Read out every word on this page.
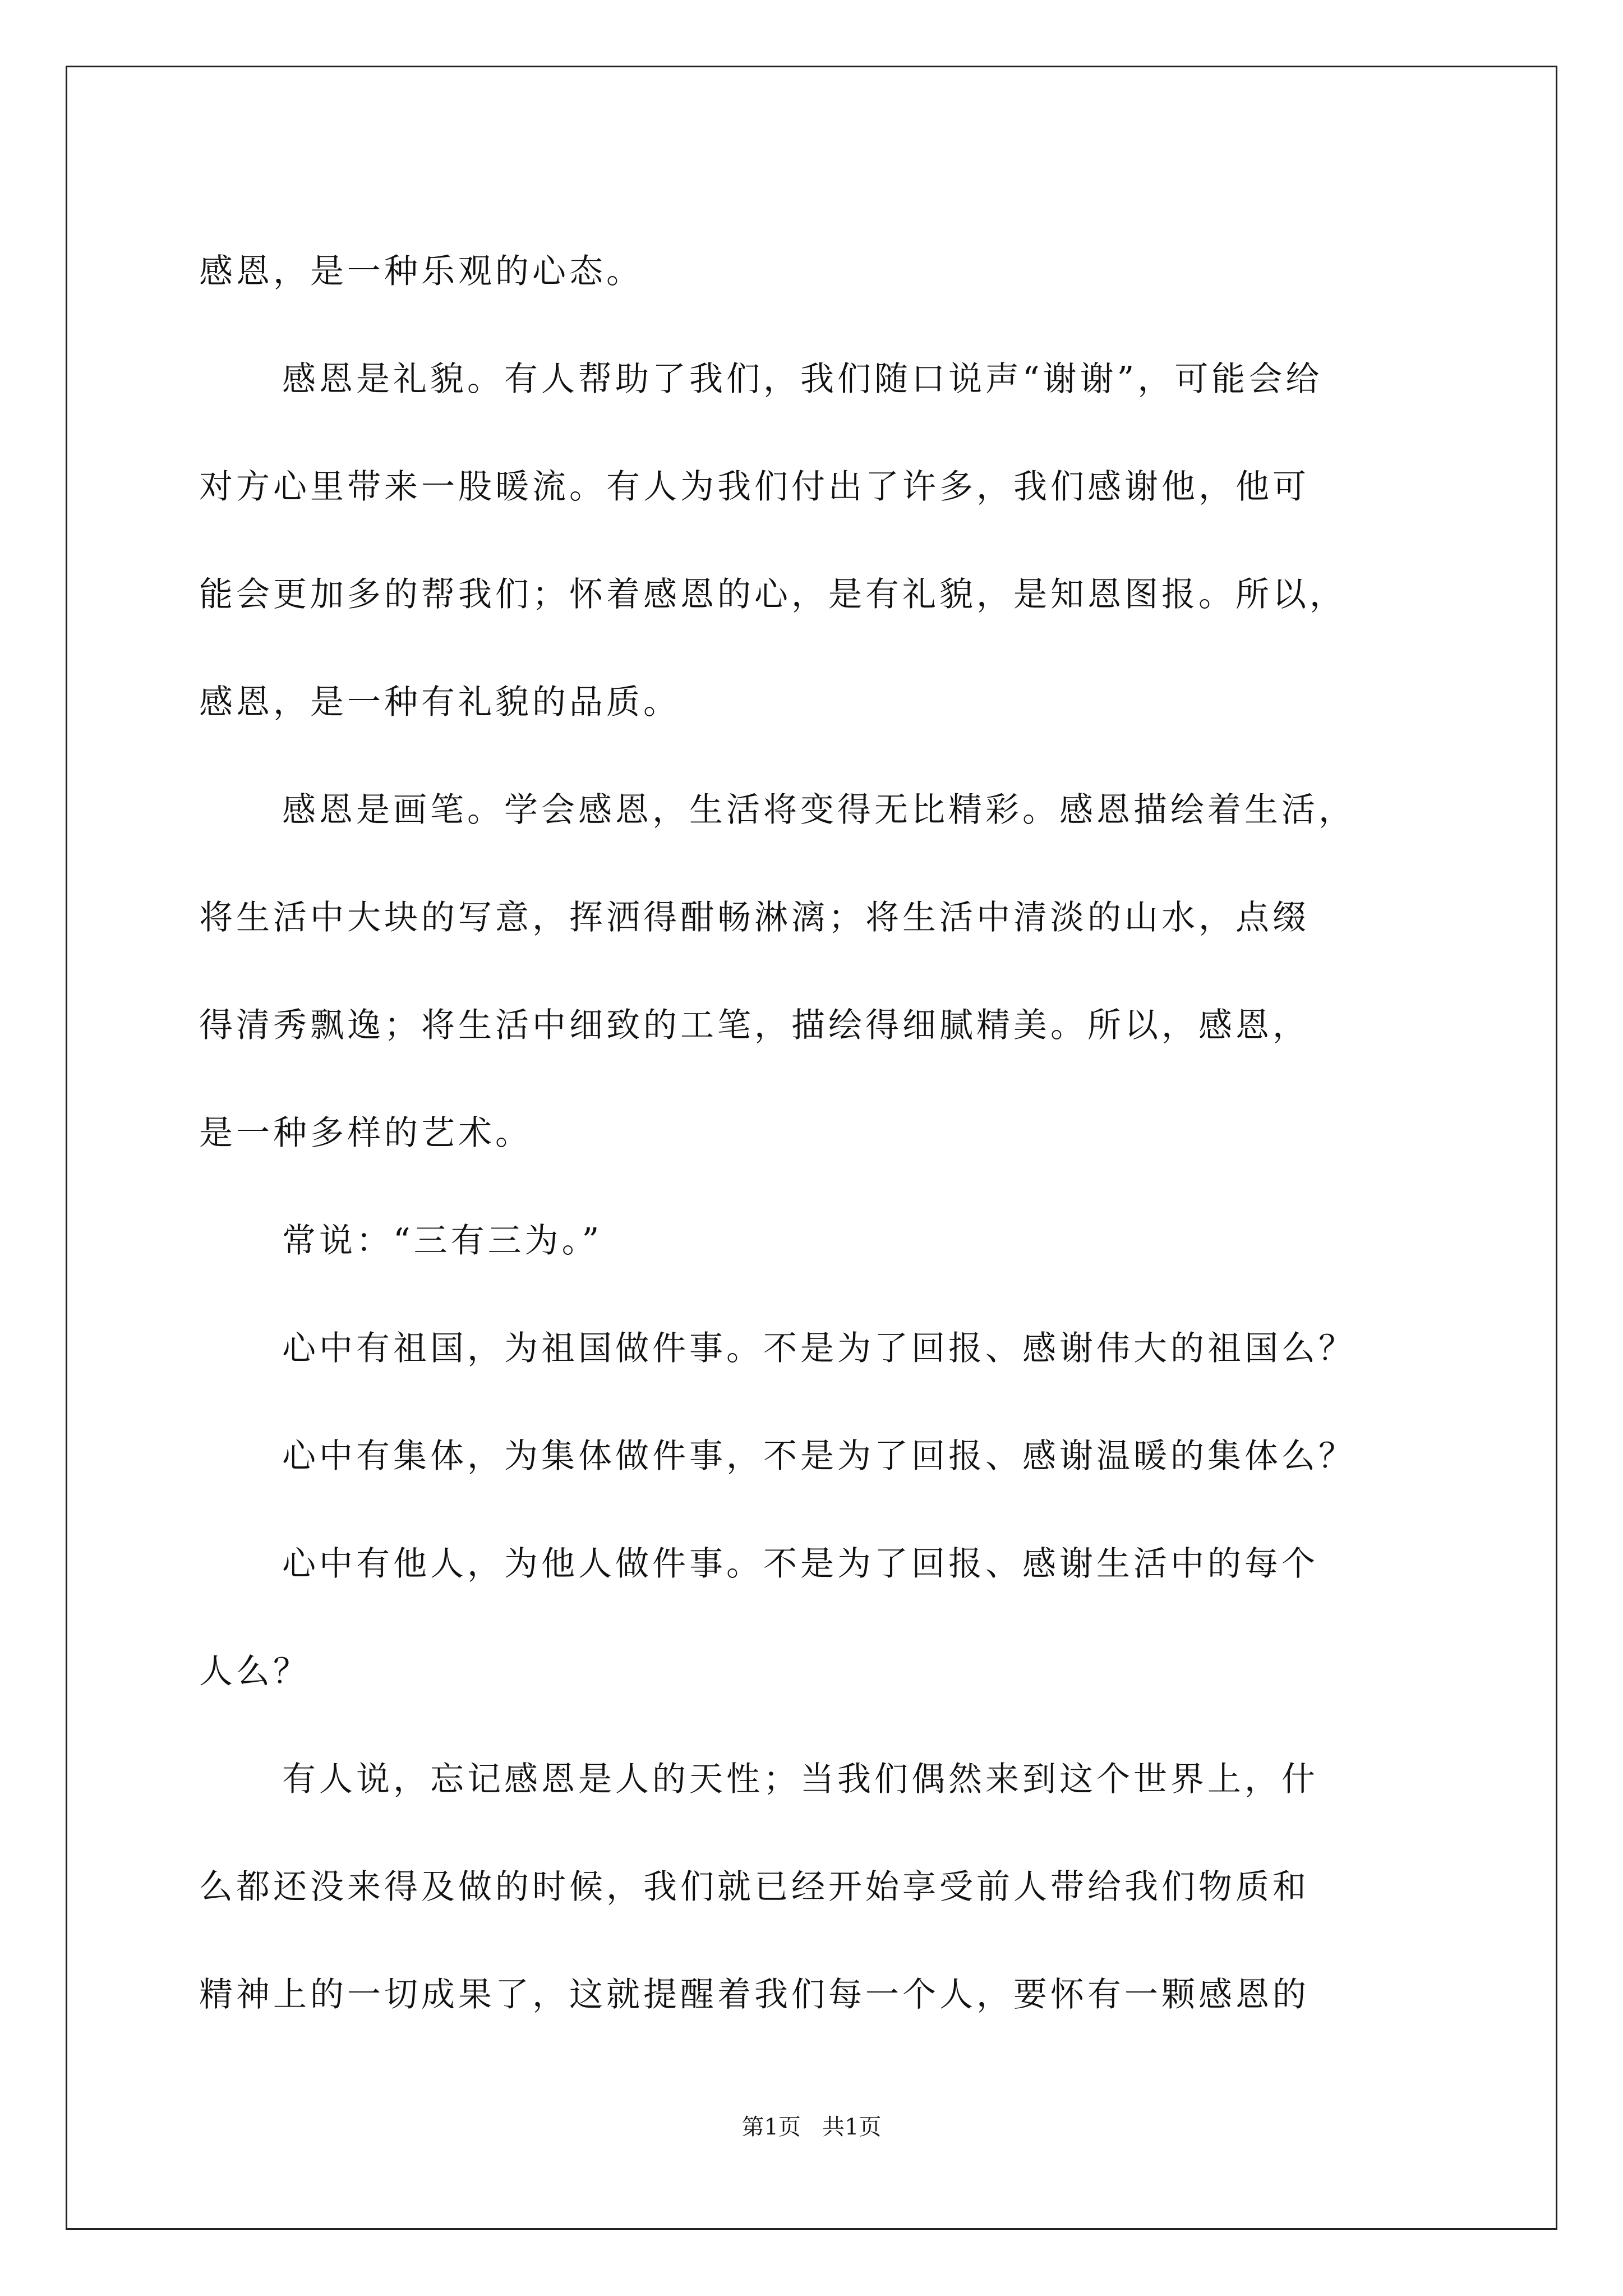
感恩，是一种乐观的心态。
感恩是礼貌。有人帮助了我们，我们随口说声“谢谢”，可能会给
对方心里带来一股暖流。有人为我们付出了许多，我们感谢他，他可
能会更加多的帮我们；怀着感恩的心，是有礼貌，是知恩图报。所以，
感恩，是一种有礼貌的品质。
感恩是画笔。学会感恩，生活将变得无比精彩。感恩描绘着生活，
将生活中大块的写意，挥洒得酣畅淋漓；将生活中清淡的山水，点缀
得清秀飘逸；将生活中细致的工笔，描绘得细腻精美。所以，感恩，
是一种多样的艺术。
常说：“三有三为。”
心中有祖国，为祖国做件事。不是为了回报、感谢伟大的祖国么？
心中有集体，为集体做件事，不是为了回报、感谢温暖的集体么？
心中有他人，为他人做件事。不是为了回报、感谢生活中的每个
人么？
有人说，忘记感恩是人的天性；当我们偶然来到这个世界上，什
么都还没来得及做的时候，我们就已经开始享受前人带给我们物质和
精神上的一切成果了，这就提醒着我们每一个人，要怀有一颗感恩的
第1页   共1页
